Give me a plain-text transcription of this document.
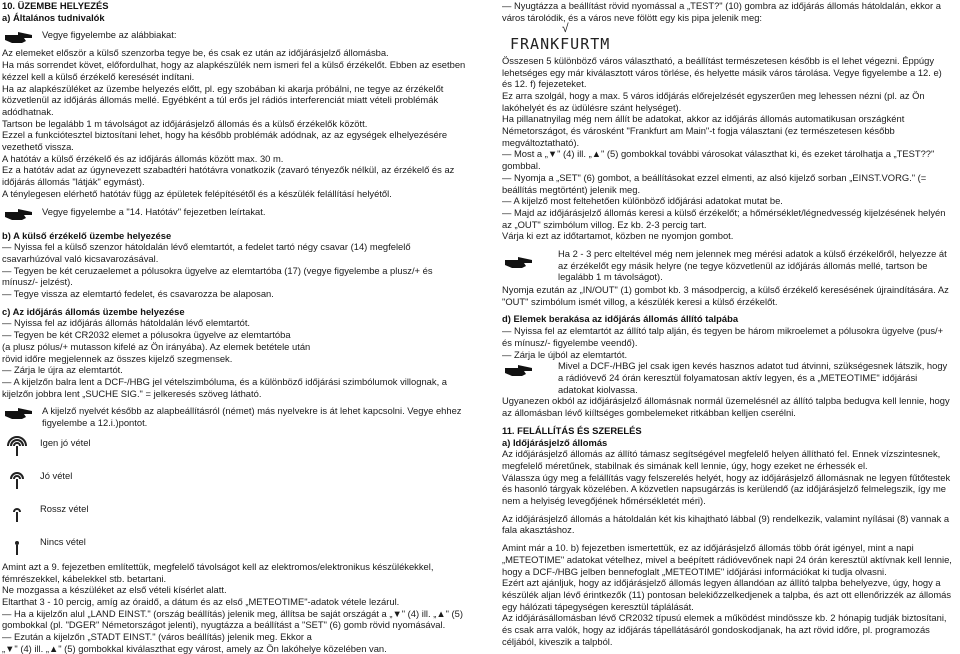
10. ÜZEMBE HELYEZÉS

a) Általános tudnivalók

Vegye figyelembe az alábbiakat:

Az elemeket először a külső szenzorba tegye be, és csak ez után az időjárásjelző állomásba.

Ha más sorrendet követ, előfordulhat, hogy az alapkészülék nem ismeri fel a külső érzékelőt. Ebben az esetben kézzel kell a külső érzékelő keresését indítani.

Ha az alapkészüléket az üzembe helyezés előtt, pl. egy szobában ki akarja próbálni, ne tegye az érzékelőt közvetlenül az időjárás állomás mellé. Egyébként a túl erős jel rádiós interferenciát miatt vételi problémák adódhatnak.

Tartson be legalább 1 m távolságot az időjárásjelző állomás és a külső érzékelők között.

Ezzel a funkciótesztel biztosítani lehet, hogy ha később problémák adódnak, az az egységek elhelyezésére vezethető vissza.

A hatótáv a külső érzékelő és az időjárás állomás között max. 30 m.

Ez a hatótáv adat az úgynevezett szabadtéri hatótávra vonatkozik (zavaró tényezők nélkül, az érzékelő és az időjárás állomás "látják" egymást).

A ténylegesen elérhető hatótáv függ az épületek felépítésétől és a készülék felállításí helyétől.

Vegye figyelembe a "14. Hatótáv" fejezetben leírtakat.

b) A külső érzékelő üzembe helyezése

— Nyissa fel a külső szenzor hátoldalán lévő elemtartót, a fedelet tartó négy csavar (14) megfelelő csavarhúzóval való kicsavarozásával.

— Tegyen be két ceruzaelemet a pólusokra ügyelve az elemtartóba (17) (vegye figyelembe a plusz/+ és mínusz/- jelzést).

— Tegye vissza az elemtartó fedelet, és csavarozza be alaposan.

c) Az időjárás állomás üzembe helyezése

— Nyissa fel az időjárás állomás hátoldalán lévő elemtartót.

— Tegyen be két CR2032 elemet a pólusokra ügyelve az elemtartóba

(a plusz pólus/+ mutasson kifelé az Ön irányába). Az elemek betétele után

rövid időre megjelennek az összes kijelző szegmensek.

— Zárja le újra az elemtartót.

— A kijelzőn balra lent a DCF-/HBG jel vételszimbóluma, és a különböző időjárási szimbólumok villognak, a kijelzőn jobbra lent „SUCHE SIG." = jelkeresés szöveg látható.

A kijelző nyelvét később az alapbeállításról (német) más nyelvekre is át lehet kapcsolni. Vegye ehhez figyelembe a 12.i.)pontot.

Igen jó vétel
Jó vétel
Rossz vétel
Nincs vétel

Amint azt a 9. fejezetben említettük, megfelelő távolságot kell az elektromos/elektronikus készülékekkel, fémrészekkel, kábelekkel stb. betartani.

Ne mozgassa a készüléket az első vételi kísérlet alatt.

Eltarthat 3 - 10 percig, amíg az óraidő, a dátum és az első „METEOTIME"-adatok vétele lezárul.

— Ha a kijelzőn alul „LAND EINST." (ország beállítás) jelenik meg, állítsa be saját országát a „▼" (4) ill. „▲" (5) gombokkal (pl. "DGER" Németországot jelenti), nyugtázza a beállítást a "SET" (6) gomb rövid nyomásával.

— Ezután a kijelzőn „STADT EINST." (város beállítás) jelenik meg. Ekkor a

„▼" (4) ill. „▲" (5) gombokkal kiválaszthat egy várost, amely az Ön lakóhelye közelében van.

— Nyugtázza a beállítást rövid nyomással a „TEST?" (10) gombra az időjárás állomás hátoldalán, ekkor a város tárolódik, és a város neve fölött egy kis pipa jelenik meg:

√
FRANKFURTM

Összesen 5 különböző város választható, a beállítást természetesen később is el lehet végezni. Éppúgy lehetséges egy már kiválasztott város törlése, és helyette másik város tárolása. Vegye figyelembe a 12. e) és 12. f) fejezeteket.

Ez arra szolgál, hogy a max. 5 város időjárás előrejelzését egyszerűen meg lehessen nézni (pl. az Ön lakóhelyét és az üdülésre szánt helységet).

Ha pillanatnyilag még nem állít be adatokat, akkor az időjárás állomás automatikusan országként Németországot, és városként "Frankfurt am Main"-t fogja választani (ez természetesen később megváltoztatható).

— Most a „▼" (4) ill. „▲" (5) gombokkal további városokat választhat ki, és ezeket tárolhatja a „TEST??" gombbal.

— Nyomja a „SET" (6) gombot, a beállításokat ezzel elmenti, az alsó kijelző sorban „EINST.VORG." (= beállítás megtörtént) jelenik meg.

— A kijelző most feltehetően különböző időjárási adatokat mutat be.

— Majd az időjárásjelző állomás keresi a külső érzékelőt; a hőmérséklet/légnedvesség kijelzésének helyén az „OUT" szimbólum villog. Ez kb. 2-3 percig tart.

Várja ki ezt az időtartamot, közben ne nyomjon gombot.

Ha 2 - 3 perc elteltével még nem jelennek meg mérési adatok a külső érzékelőről, helyezze át az érzékelőt egy másik helyre (ne tegye közvetlenül az időjárás állomás mellé, tartson be legalább 1 m távolságot).

Nyomja ezután az „IN/OUT" (1) gombot kb. 3 másodpercig, a külső érzékelő keresésének újraindítására. Az "OUT" szimbólum ismét villog, a készülék keresi a külső érzékelőt.

d) Elemek berakása az időjárás állomás állító talpába

— Nyissa fel az elemtartót az állító talp alján, és tegyen be három mikroelemet a pólusokra ügyelve (pus/+ és mínusz/- figyelembe veendő).

— Zárja le újból az elemtartót.

Mivel a DCF-/HBG jel csak igen kevés hasznos adatot tud átvinni, szükségesnek látszik, hogy a rádióvevő 24 órán keresztül folyamatosan aktív legyen, és a „METEOTIME" időjárási adatokat kiolvassa.

Ugyanezen okból az időjárásjelző állomásnak normál üzemelésnél az állító talpba bedugva kell lennie, hogy az állomásban lévő kiíltséges gombelemeket ritkábban kelljen cserélni.

11. FELÁLLÍTÁS ÉS SZERELÉS

a) Időjárásjelző állomás

Az időjárásjelző állomás az állító támasz segítségével megfelelő helyen állítható fel. Ennek vízszintesnek, megfelelő méretűnek, stabilnak és simának kell lennie, úgy, hogy ezeket ne érhessék el.

Válassza úgy meg a felállítás vagy felszerelés helyét, hogy az időjárásjelző állomásnak ne legyen fűtőtestek és hasonló tárgyak közelében. A közvetlen napsugárzás is kerülendő (az időjárásjelző felmelegszik, így me nem a helyiség levegőjének hőmérsékletét méri).

Az időjárásjelző állomás a hátoldalán két kis kihajtható lábbal (9) rendelkezik, valamint nyílásai (8) vannak a fala akasztáshoz.

Amint már a 10. b) fejezetben ismertettük, ez az időjárásjelző állomás több órát igényel, mint a napi „METEOTIME" adatokat vételhez, mivel a beépített rádióvevőnek napi 24 órán keresztül aktívnak kell lennie, hogy a DCF-/HBG jelben bennefoglalt „METEOTIME" időjárási információkat ki tudja olvasni.

Ezért azt ajánljuk, hogy az időjárásjelző állomás legyen állandóan az állító talpba behelyezve, úgy, hogy a készülék aljan lévő érintkezők (11) pontosan belekiőzzelkedjenek a talpba, és azt ott ellenőrizzék az állomás egy hálózati tápegységen keresztül táplálását.

Az időjárásállomásban lévő CR2032 típusú elemek a működést mindössze kb. 2 hónapig tudják biztosítani, és csak arra valók, hogy az időjárás tápellátásáról gondoskodjanak, ha azt rövid időre, pl. programozás céljából, kiveszik a talpból.
